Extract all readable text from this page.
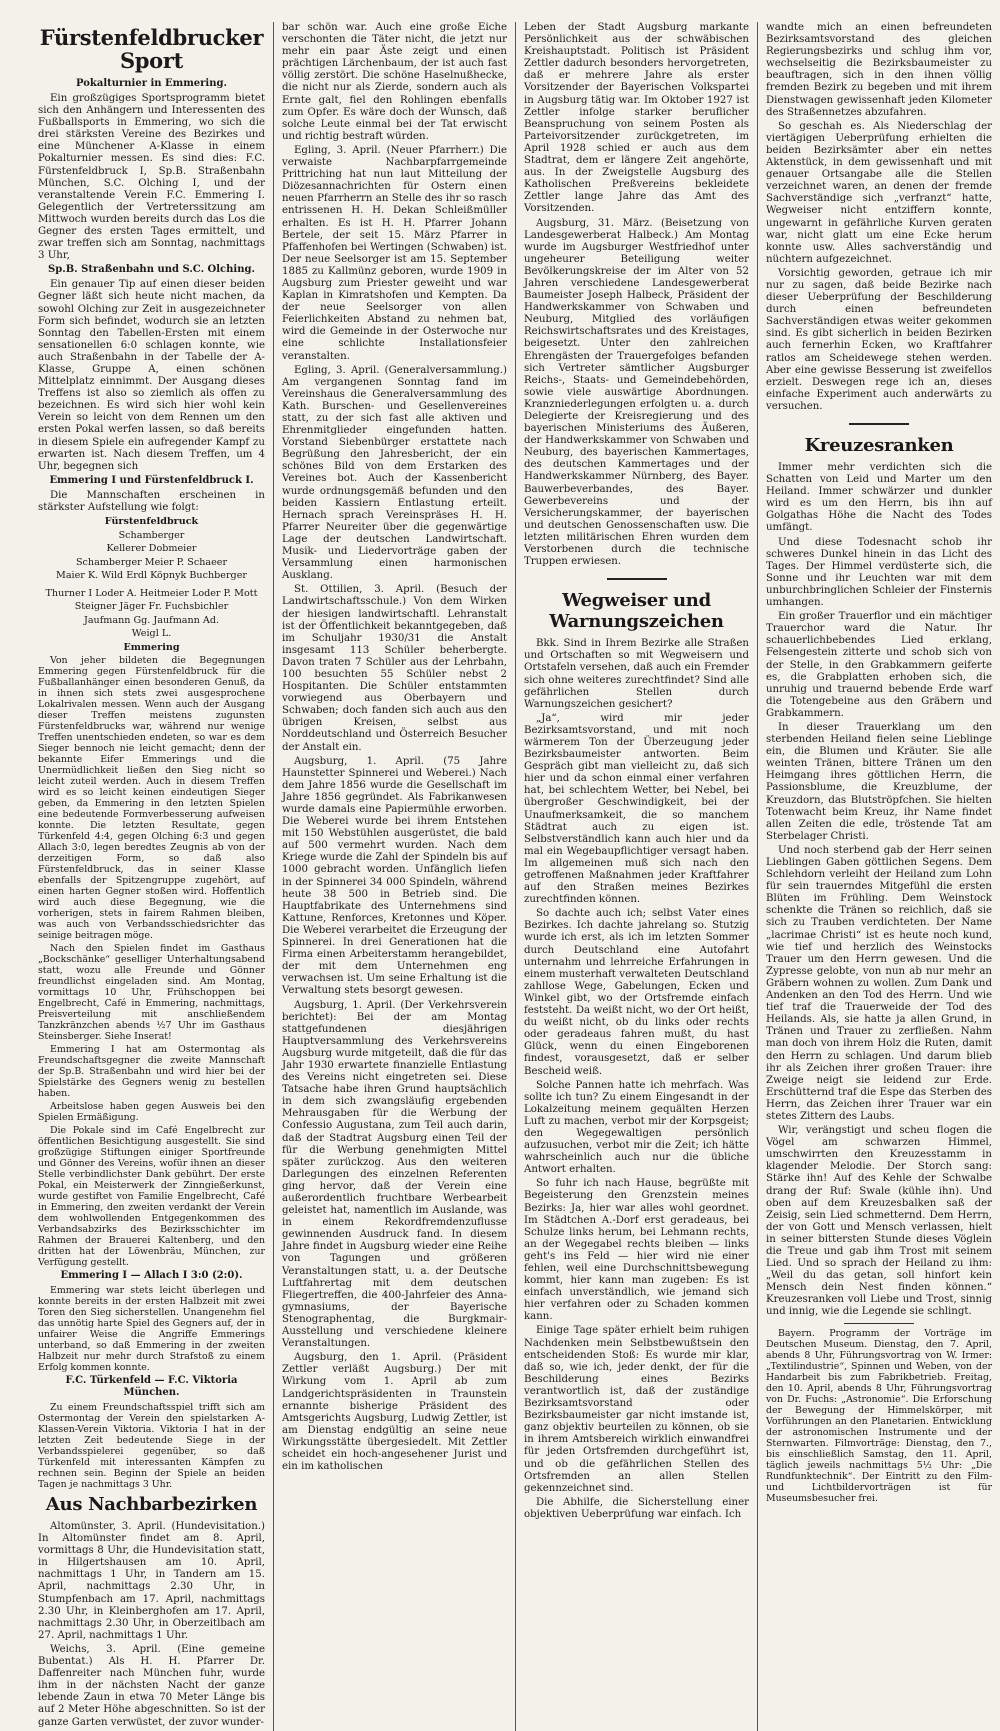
Fürstenfeldbrucker Sport
Pokalturnier in Emmering.

Ein großzügiges Sportsprogramm bietet sich den Anhängern und Interessenten des Fußballsports in Emmering, wo sich die drei stärksten Vereine des Bezirkes und eine Münchener A-Klasse in einem Pokalturnier messen. Es sind dies: F.C. Fürstenfeldbruck I, Sp.B. Straßenbahn München, S.C. Olching I, und der veranstaltende Verein F.C. Emmering I. Gelegentlich der Vertreterssitzung am Mittwoch wurden bereits durch das Los die Gegner des ersten Tages ermittelt, und zwar treffen sich am Sonntag, nachmittags 3 Uhr,

Sp.B. Straßenbahn und S.C. Olching.

Ein genauer Tip auf einen dieser beiden Gegner läßt sich heute nicht machen, da sowohl Olching zur Zeit in ausgezeichneter Form sich befindet, wodurch sie an letzten Sonntag den Tabellen-Ersten mit einem sensationellen 6:0 schlagen konnte, wie auch Straßenbahn in der Tabelle der A-Klasse, Gruppe A, einen schönen Mittelplatz einnimmt. Der Ausgang dieses Treffens ist also so ziemlich als offen zu bezeichnen. Es wird sich hier wohl kein Verein so leicht von dem Rennen um den ersten Pokal werfen lassen, so daß bereits in diesem Spiele ein aufregender Kampf zu erwarten ist. Nach diesem Treffen, um 4 Uhr, begegnen sich

Emmering I und Fürstenfeldbruck I.

Die Mannschaften erscheinen in stärkster Aufstellung wie folgt:

Fürstenfeldbruck
Schamberger
Kellerer Dobmeier
Schamberger Meier P. Schaeer
Maier K. Wild Erdl Köpnyk Buchberger
Thurner I Loder A. Heitmeier Loder P. Mott
Steigner Jäger Fr. Fuchsbichler
Jaufmann Gg. Jaufmann Ad.
Weigl L.
Emmering

Von jeher bildeten die Begegnungen Emmering gegen Fürstenfeldbruck für die Fußballanhänger einen besonderen Genuß, da in ihnen sich stets zwei ausgesprochene Lokalrivalen messen. Wenn auch der Ausgang dieser Treffen meistens zugunsten Fürstenfeldbrucks war, während nur wenige Treffen unentschieden endeten, so war es dem Sieger bennoch nie leicht gemacht; denn der bekannte Eifer Emmerings und die Unermüdlichkeit ließen den Sieg nicht so leicht zuteil werden. Auch in diesem Treffen wird es so leicht keinen eindeutigen Sieger geben, da Emmering in den letzten Spielen eine bedeutende Formverbesserung aufweisen konnte. Die letzten Resultate, gegen Türkenfeld 4:4, gegen Olching 6:3 und gegen Allach 3:0, legen beredtes Zeugnis ab von der derzeitigen Form, so daß also Fürstenfeldbruck, das in seiner Klasse ebenfalls der Spitzengruppe zugehört, auf einen harten Gegner stoßen wird. Hoffentlich wird auch diese Begegnung, wie die vorherigen, stets in fairem Rahmen bleiben, was auch von Verbandsschiedsrichter das seinige beitragen möge.

Nach den Spielen findet im Gasthaus „Bockschänke“ geselliger Unterhaltungsabend statt, wozu alle Freunde und Gönner freundlichst eingeladen sind. Am Montag, vormittags 10 Uhr, Frühschoppen bei Engelbrecht, Café in Emmering, nachmittags, Preisverteilung mit anschließendem Tanzkränzchen abends ½7 Uhr im Gasthaus Steinsberger. Siehe Inserat!

Emmering I hat am Ostermontag als Freundschaftsgegner die zweite Mannschaft der Sp.B. Straßenbahn und wird hier bei der Spielstärke des Gegners wenig zu bestellen haben.

Arbeitslose haben gegen Ausweis bei den Spielen Ermäßigung.

Die Pokale sind im Café Engelbrecht zur öffentlichen Besichtigung ausgestellt. Sie sind großzügige Stiftungen einiger Sportfreunde und Gönner des Vereins, wofür ihnen an dieser Stelle verbindlichster Dank gebührt. Der erste Pokal, ein Meisterwerk der Zinngießerkunst, wurde gestiftet von Familie Engelbrecht, Café in Emmering, den zweiten verdankt der Verein dem wohlwollenden Entgegenkommen des Verbandsabzirks des Bezirksschichter im Rahmen der Brauerei Kaltenberg, und den dritten hat der Löwenbräu, München, zur Verfügung gestellt.

Emmering I — Allach I 3:0 (2:0).

Emmering war stets leicht überlegen und konnte bereits in der ersten Halbzeit mit zwei Toren den Sieg sicherstellen. Unangenehm fiel das unnötig harte Spiel des Gegners auf, der in unfairer Weise die Angriffe Emmerings unterband, so daß Emmering in der zweiten Halbzeit nur mehr durch Strafstoß zu einem Erfolg kommen konnte.

F.C. Türkenfeld — F.C. Viktoria München.

Zu einem Freundschaftsspiel trifft sich am Ostermontag der Verein den spielstarken A-Klassen-Verein Viktoria. Viktoria I hat in der letzten Zeit bedeutende Siege in der Verbandsspielerei gegenüber, so daß Türkenfeld mit interessanten Kämpfen zu rechnen sein. Beginn der Spiele an beiden Tagen je nachmittags 3 Uhr.

Aus Nachbarbezirken

Altomünster, 3. April. (Hundevisitation.) In Altomünster findet am 8. April, vormittags 8 Uhr, die Hundevisitation statt, in Hilgertshausen am 10. April, nachmittags 1 Uhr, in Tandern am 15. April, nachmittags 2.30 Uhr, in Stumpfenbach am 17. April, nachmittags 2.30 Uhr, in Kleinberghofen am 17. April, nachmittags 2.30 Uhr, in Oberzeitlbach am 27. April, nachmittags 1 Uhr.

Weichs, 3. April. (Eine gemeine Bubentat.) Als H. H. Pfarrer Dr. Daffenreiter nach München fuhr, wurde ihm in der nächsten Nacht der ganze lebende Zaun in etwa 70 Meter Länge bis auf 2 Meter Höhe abgeschnitten. So ist der ganze Garten verwüstet, der zuvor wunder-

bar schön war. Auch eine große Eiche verschonten die Täter nicht, die jetzt nur mehr ein paar Äste zeigt und einen prächtigen Lärchenbaum, der ist auch fast völlig zerstört. Die schöne Haselnußhecke, die nicht nur als Zierde, sondern auch als Ernte galt, fiel den Rohlingen ebenfalls zum Opfer. Es wäre doch der Wunsch, daß solche Leute einmal bei der Tat erwischt und richtig bestraft würden.

Egling, 3. April. (Neuer Pfarrherr.) Die verwaiste Nachbarpfarrgemeinde Prittriching hat nun laut Mitteilung der Diözesannachrichten für Ostern einen neuen Pfarrherrn an Stelle des ihr so rasch entrissenen H. H. Dekan Schleißmüller erhalten. Es ist H. H. Pfarrer Johann Bertele, der seit 15. März Pfarrer in Pfaffenhofen bei Wertingen (Schwaben) ist. Der neue Seelsorger ist am 15. September 1885 zu Kallmünz geboren, wurde 1909 in Augsburg zum Priester geweiht und war Kaplan in Kimratshofen und Kempten. Da der neue Seelsorger von allen Feierlichkeiten Abstand zu nehmen bat, wird die Gemeinde in der Osterwoche nur eine schlichte Installationsfeier veranstalten.

Egling, 3. April. (Generalversammlung.) Am vergangenen Sonntag fand im Vereinshaus die Generalversammlung des Kath. Burschen- und Gesellenvereines statt, zu der sich fast alle aktiven und Ehrenmitglieder eingefunden hatten. Vorstand Siebenbürger erstattete nach Begrüßung den Jahresbericht, der ein schönes Bild von dem Erstarken des Vereines bot. Auch der Kassenbericht wurde ordnungsgemäß befunden und den beiden Kassiern Entlastung erteilt. Hernach sprach Vereinspräses H. H. Pfarrer Neureiter über die gegenwärtige Lage der deutschen Landwirtschaft. Musik- und Liedervorträge gaben der Versammlung einen harmonischen Ausklang.

St. Ottilien, 3. April. (Besuch der Landwirtschaftsschule.) Von dem Wirken der hiesigen landwirtschaftl. Lehranstalt ist der Öffentlichkeit bekanntgegeben, daß im Schuljahr 1930/31 die Anstalt insgesamt 113 Schüler beherbergte. Davon traten 7 Schüler aus der Lehrbahn, 100 besuchten 55 Schüler nebst 2 Hospitanten. Die Schüler entstammten vorwiegend aus Oberbayern und Schwaben; doch fanden sich auch aus den übrigen Kreisen, selbst aus Norddeutschland und Österreich Besucher der Anstalt ein.

Augsburg, 1. April. (75 Jahre Haunstetter Spinnerei und Weberei.) Nach dem Jahre 1856 wurde die Gesellschaft im Jahre 1856 gegründet. Als Fabrikanwesen wurde damals eine Papiermühle erworben. Die Weberei wurde bei ihrem Entstehen mit 150 Webstühlen ausgerüstet, die bald auf 500 vermehrt wurden. Nach dem Kriege wurde die Zahl der Spindeln bis auf 1000 gebracht worden. Unfänglich liefen in der Spinnerei 34 000 Spindeln, während heute 38 500 in Betrieb sind. Die Hauptfabrikate des Unternehmens sind Kattune, Renforces, Kretonnes und Köper. Die Weberei verarbeitet die Erzeugung der Spinnerei. In drei Generationen hat die Firma einen Arbeiterstamm herangebildet, der mit dem Unternehmen eng verwachsen ist. Um seine Erhaltung ist die Verwaltung stets besorgt gewesen.

Augsburg, 1. April. (Der Verkehrsverein berichtet): Bei der am Montag stattgefundenen diesjährigen Hauptversammlung des Verkehrsvereins Augsburg wurde mitgeteilt, daß die für das Jahr 1930 erwartete finanzielle Entlastung des Vereins nicht eingetreten sei. Diese Tatsache habe ihren Grund hauptsächlich in dem sich zwangsläufig ergebenden Mehrausgaben für die Werbung der Confessio Augustana, zum Teil auch darin, daß der Stadtrat Augsburg einen Teil der für die Werbung genehmigten Mittel später zurückzog. Aus den weiteren Darlegungen des einzelnen Referenten ging hervor, daß der Verein eine außerordentlich fruchtbare Werbearbeit geleistet hat, namentlich im Auslande, was in einem Rekordfremdenzuflusse gewinnenden Ausdruck fand. In diesem Jahre findet in Augsburg wieder eine Reihe von Tagungen und größeren Veranstaltungen statt, u. a. der Deutsche Luftfahrertag mit dem deutschen Fliegertreffen, die 400-Jahrfeier des Anna-gymnasiums, der Bayerische Stenographentag, die Burgkmair-Ausstellung und verschiedene kleinere Veranstaltungen.

Augsburg, den 1. April. (Präsident Zettler verläßt Augsburg.) Der mit Wirkung vom 1. April ab zum Landgerichtspräsidenten in Traunstein ernannte bisherige Präsident des Amtsgerichts Augsburg, Ludwig Zettler, ist am Dienstag endgültig an seine neue Wirkungsstätte übergesiedelt. Mit Zettler scheidet ein hoch-angesehener Jurist und ein im katholischen

Leben der Stadt Augsburg markante Persönlichkeit aus der schwäbischen Kreishauptstadt. Politisch ist Präsident Zettler dadurch besonders hervorgetreten, daß er mehrere Jahre als erster Vorsitzender der Bayerischen Volkspartei in Augsburg tätig war. Im Oktober 1927 ist Zettler infolge starker beruflicher Beanspruchung von seinem Posten als Parteivorsitzender zurückgetreten, im April 1928 schied er auch aus dem Stadtrat, dem er längere Zeit angehörte, aus. In der Zweigstelle Augsburg des Katholischen Preßvereins bekleidete Zettler lange Jahre das Amt des Vorsitzenden.

Augsburg, 31. März. (Beisetzung von Landesgewerberat Halbeck.) Am Montag wurde im Augsburger Westfriedhof unter ungeheurer Beteiligung weiter Bevölkerungskreise der im Alter von 52 Jahren verschiedene Landesgewerberat Baumeister Joseph Halbeck, Präsident der Handwerkskammer von Schwaben und Neuburg, Mitglied des vorläufigen Reichswirtschaftsrates und des Kreistages, beigesetzt. Unter den zahlreichen Ehrengästen der Trauergefolges befanden sich Vertreter sämtlicher Augsburger Reichs-, Staats- und Gemeindebehörden, sowie viele auswärtige Abordnungen. Kranzniederlegungen erfolgten u. a. durch Delegierte der Kreisregierung und des bayerischen Ministeriums des Äußeren, der Handwerkskammer von Schwaben und Neuburg, des bayerischen Kammertages, des deutschen Kammertages und der Handwerkskammer Nürnberg, des Bayer. Bauwerbeverbandes, des Bayer. Gewerbevereins und der Versicherungskammer, der bayerischen und deutschen Genossenschaften usw. Die letzten militärischen Ehren wurden dem Verstorbenen durch die technische Truppen erwiesen.

Wegweiser und Warnungszeichen

Bkk. Sind in Ihrem Bezirke alle Straßen und Ortschaften so mit Wegweisern und Ortstafeln versehen, daß auch ein Fremder sich ohne weiteres zurechtfindet? Sind alle gefährlichen Stellen durch Warnungszeichen gesichert?

„Ja“, wird mir jeder Bezirksamtsvorstand, und mit noch wärmerem Ton der Überzeugung jeder Bezirksbaumeister antworten. Beim Gespräch gibt man vielleicht zu, daß sich hier und da schon einmal einer verfahren hat, bei schlechtem Wetter, bei Nebel, bei übergroßer Geschwindigkeit, bei der Unaufmerksamkeit, die so manchem Städtrat auch zu eigen ist. Selbstverständlich kann auch hier und da mal ein Wegebaupflichtiger versagt haben. Im allgemeinen muß sich nach den getroffenen Maßnahmen jeder Kraftfahrer auf den Straßen meines Bezirkes zurechtfinden können.

So dachte auch ich; selbst Vater eines Bezirkes. Ich dachte jahrelang so. Stutzig wurde ich erst, als ich im letzten Sommer durch Deutschland eine Autofahrt unternahm und lehrreiche Erfahrungen in einem musterhaft verwalteten Deutschland zahllose Wege, Gabelungen, Ecken und Winkel gibt, wo der Ortsfremde einfach feststeht. Da weißt nicht, wo der Ort heißt, du weißt nicht, ob du links oder rechts oder geradeaus fahren mußt, du hast Glück, wenn du einen Eingeborenen findest, vorausgesetzt, daß er selber Bescheid weiß.

Solche Pannen hatte ich mehrfach. Was sollte ich tun? Zu einem Eingesandt in der Lokalzeitung meinem gequälten Herzen Luft zu machen, verbot mir der Korpsgeist; den Wegegewaltigen persönlich aufzusuchen, verbot mir die Zeit; ich hätte wahrscheinlich auch nur die übliche Antwort erhalten.

So fuhr ich nach Hause, begrüßte mit Begeisterung den Grenzstein meines Bezirks: Ja, hier war alles wohl geordnet. Im Städtchen A.-Dorf erst geradeaus, bei Schulze links herum, bei Lehmann rechts, an der Wegegabel rechts bleiben — links geht's ins Feld — hier wird nie einer fehlen, weil eine Durchschnittsbewegung kommt, hier kann man zugeben: Es ist einfach unverständlich, wie jemand sich hier verfahren oder zu Schaden kommen kann.

Einige Tage später erhielt beim ruhigen Nachdenken mein Selbstbewußtsein den entscheidenden Stoß: Es wurde mir klar, daß so, wie ich, jeder denkt, der für die Beschilderung eines Bezirks verantwortlich ist, daß der zuständige Bezirksamtsvorstand oder Bezirksbaumeister gar nicht imstande ist, ganz objektiv beurteilen zu können, ob sie in ihrem Amtsbereich wirklich einwandfrei für jeden Ortsfremden durchgeführt ist, und ob die gefährlichen Stellen des Ortsfremden an allen Stellen gekennzeichnet sind.

Die Abhilfe, die Sicherstellung einer objektiven Ueberprüfung war einfach. Ich

wandte mich an einen befreundeten Bezirksamtsvorstand des gleichen Regierungsbezirks und schlug ihm vor, wechselseitig die Bezirksbaumeister zu beauftragen, sich in den ihnen völlig fremden Bezirk zu begeben und mit ihrem Dienstwagen gewissenhaft jeden Kilometer des Straßennetzes abzufahren.

So geschah es. Als Niederschlag der viertägigen Ueberprüfung erhielten die beiden Bezirksämter aber ein nettes Aktenstück, in dem gewissenhaft und mit genauer Ortsangabe alle die Stellen verzeichnet waren, an denen der fremde Sachverständige sich „verfranzt“ hatte, Wegweiser nicht entziffern konnte, ungewarnt in gefährliche Kurven geraten war, nicht glatt um eine Ecke herum konnte usw. Alles sachverständig und nüchtern aufgezeichnet.

Vorsichtig geworden, getraue ich mir nur zu sagen, daß beide Bezirke nach dieser Ueberprüfung der Beschilderung durch einen befreundeten Sachverständigen etwas weiter gekommen sind. Es gibt sicherlich in beiden Bezirken auch fernerhin Ecken, wo Kraftfahrer ratlos am Scheidewege stehen werden. Aber eine gewisse Besserung ist zweifellos erzielt. Deswegen rege ich an, dieses einfache Experiment auch anderwärts zu versuchen.

Kreuzesranken

Immer mehr verdichten sich die Schatten von Leid und Marter um den Heiland. Immer schwärzer und dunkler wird es um den Herrn, bis ihn auf Golgathas Höhe die Nacht des Todes umfängt.

Und diese Todesnacht schob ihr schweres Dunkel hinein in das Licht des Tages. Der Himmel verdüsterte sich, die Sonne und ihr Leuchten war mit dem unburchbringlichen Schleier der Finsternis umhangen.

Ein großer Trauerflor und ein mächtiger Trauerchor ward die Natur. Ihr schauerlichbebendes Lied erklang, Felsengestein zitterte und schob sich von der Stelle, in den Grabkammern geiferte es, die Grabplatten erhoben sich, die unruhig und trauernd bebende Erde warf die Totengebeine aus den Gräbern und Grabkammern.

In dieser Trauerklang um den sterbenden Heiland fielen seine Lieblinge ein, die Blumen und Kräuter. Sie alle weinten Tränen, bittere Tränen um den Heimgang ihres göttlichen Herrn, die Passionsblume, die Kreuzblume, der Kreuzdorn, das Blutströpfchen. Sie hielten Totenwacht beim Kreuz, ihr Name findet allen Zeiten die edle, tröstende Tat am Sterbelager Christi.

Und noch sterbend gab der Herr seinen Lieblingen Gaben göttlichen Segens. Dem Schlehdorn verleiht der Heiland zum Lohn für sein trauerndes Mitgefühl die ersten Blüten im Frühling. Dem Weinstock schenkte die Tränen so reichlich, daß sie sich zu Trauben verdichteten. Der Name „lacrimae Christi“ ist es heute noch kund, wie tief und herzlich des Weinstocks Trauer um den Herrn gewesen. Und die Zypresse gelobte, von nun ab nur mehr an Gräbern wohnen zu wollen. Zum Dank und Andenken an den Tod des Herrn. Und wie tief traf die Trauerweide der Tod des Heilands. Als, sie hatte ja allen Grund, in Tränen und Trauer zu zerfließen. Nahm man doch von ihrem Holz die Ruten, damit den Herrn zu schlagen. Und darum blieb ihr als Zeichen ihrer großen Trauer: ihre Zweige neigt sie leidend zur Erde. Erschütternd traf die Espe das Sterben des Herrn, das Zeichen ihrer Trauer war ein stetes Zittern des Laubs.

Wir, verängstigt und scheu flogen die Vögel am schwarzen Himmel, umschwirrten den Kreuzesstamm in klagender Melodie. Der Storch sang: Stärke ihn! Auf des Kehle der Schwalbe drang der Ruf: Swale (kühle ihn). Und oben auf dem Kreuzesbalken saß der Zeisig, sein Lied schmetternd. Dem Herrn, der von Gott und Mensch verlassen, hielt in seiner bittersten Stunde dieses Vöglein die Treue und gab ihm Trost mit seinem Lied. Und so sprach der Heiland zu ihm: „Weil du das getan, soll hinfort kein Mensch dein Nest finden können.“ Kreuzesranken voll Liebe und Trost, sinnig und innig, wie die Legende sie schlingt.

Bayern. Programm der Vorträge im Deutschen Museum. Dienstag, den 7. April, abends 8 Uhr, Führungsvortrag von W. Irmer: „Textilindustrie“, Spinnen und Weben, von der Handarbeit bis zum Fabrikbetrieb. Freitag, den 10. April, abends 8 Uhr, Führungsvortrag von Dr. Fuchs: „Astronomie“. Die Erforschung der Bewegung der Himmelskörper, mit Vorführungen an den Planetarien. Entwicklung der astronomischen Instrumente und der Sternwarten. Filmvorträge: Dienstag, den 7., bis einschließlich Samstag, den 11. April, täglich jeweils nachmittags 5½ Uhr: „Die Rundfunktechnik“. Der Eintritt zu den Film- und Lichtbildervorträgen ist für Museumsbesucher frei.
